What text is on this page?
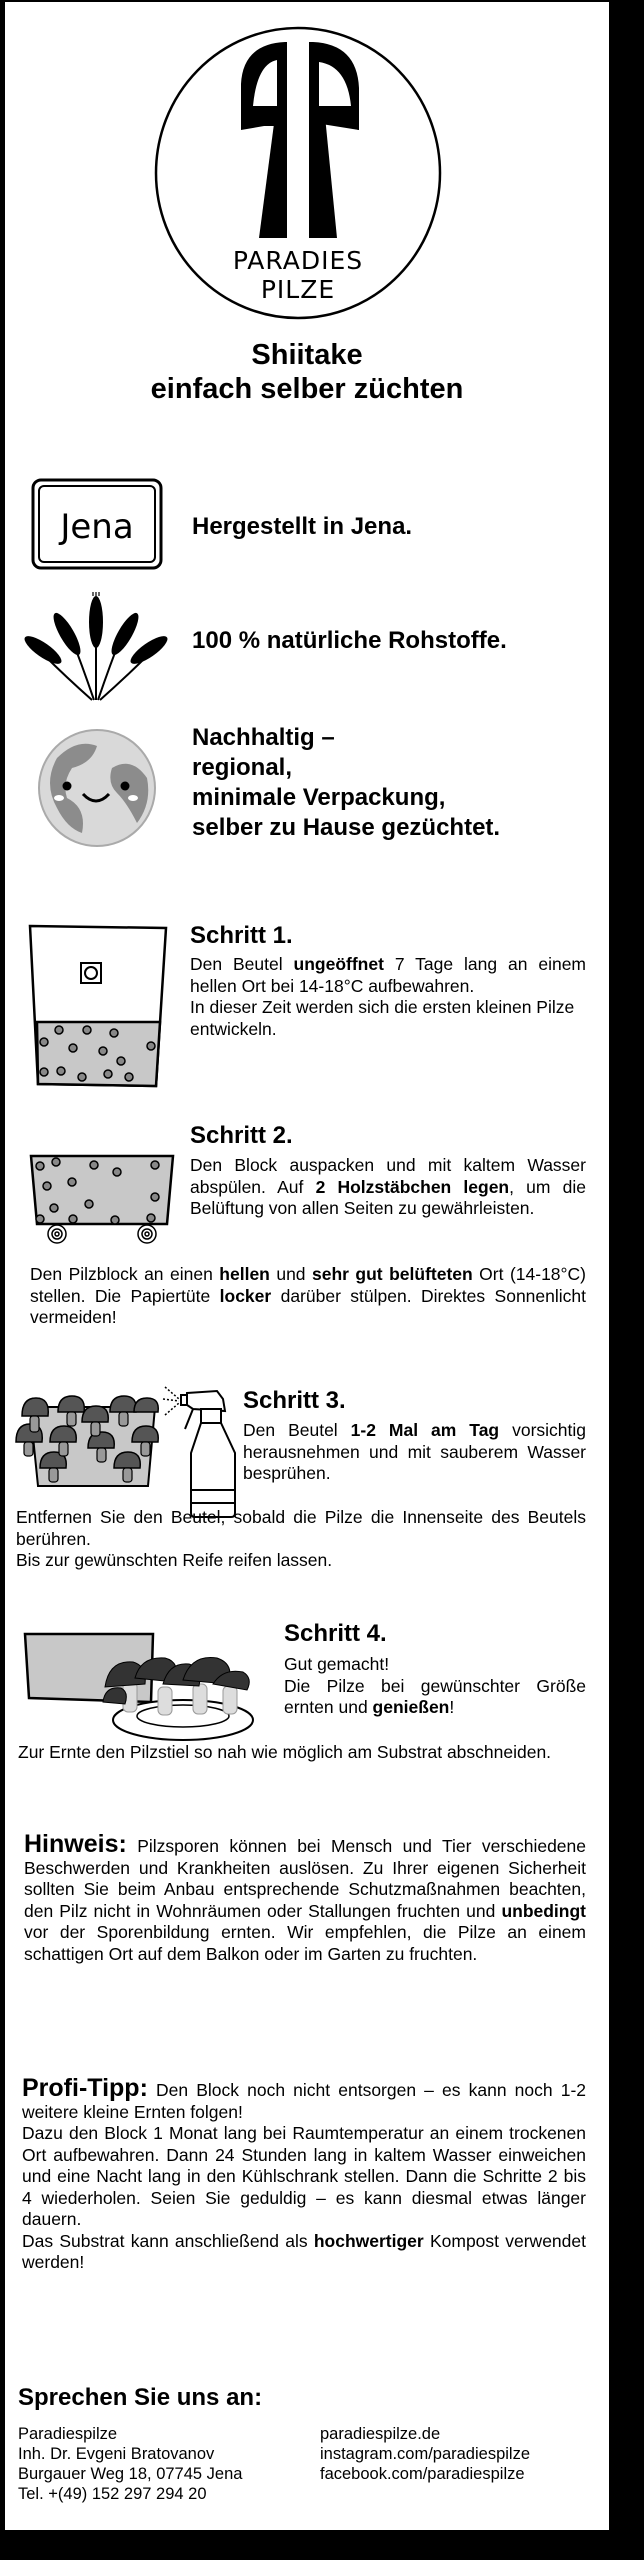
PARADIES
PILZE
Shiitake
einfach selber züchten
Jena Hergestellt in Jena.
100 % natürliche Rohstoffe.
Nachhaltig –
regional,
minimale Verpackung,
selber zu Hause gezüchtet.
Schritt 1.
Den Beutel ungeöffnet 7 Tage lang an einem hellen Ort bei 14-18°C aufbewahren.
In dieser Zeit werden sich die ersten kleinen Pilze entwickeln.
Schritt 2.
Den Block auspacken und mit kaltem Wasser abspülen. Auf 2 Holzstäbchen legen, um die Belüftung von allen Seiten zu gewährleisten.
Den Pilzblock an einen hellen und sehr gut belüfteten Ort (14-18°C) stellen. Die Papiertüte locker darüber stülpen. Direktes Sonnenlicht vermeiden!
Schritt 3.
Den Beutel 1-2 Mal am Tag vorsichtig herausnehmen und mit sauberem Wasser besprühen.
Entfernen Sie den Beutel, sobald die Pilze die Innenseite des Beutels berühren.
Bis zur gewünschten Reife reifen lassen.
Schritt 4.
Gut gemacht!
Die Pilze bei gewünschter Größe ernten und genießen!
Zur Ernte den Pilzstiel so nah wie möglich am Substrat abschneiden.
Hinweis: Pilzsporen können bei Mensch und Tier verschiedene Beschwerden und Krankheiten auslösen. Zu Ihrer eigenen Sicherheit sollten Sie beim Anbau entsprechende Schutzmaßnahmen beachten, den Pilz nicht in Wohnräumen oder Stallungen fruchten und unbedingt vor der Sporenbildung ernten. Wir empfehlen, die Pilze an einem schattigen Ort auf dem Balkon oder im Garten zu fruchten.
Profi-Tipp: Den Block noch nicht entsorgen – es kann noch 1-2 weitere kleine Ernten folgen!
Dazu den Block 1 Monat lang bei Raumtemperatur an einem trockenen Ort aufbewahren. Dann 24 Stunden lang in kaltem Wasser einweichen und eine Nacht lang in den Kühlschrank stellen. Dann die Schritte 2 bis 4 wiederholen. Seien Sie geduldig – es kann diesmal etwas länger dauern.
Das Substrat kann anschließend als hochwertiger Kompost verwendet werden!
Sprechen Sie uns an:
Paradiespilze
Inh. Dr. Evgeni Bratovanov
Burgauer Weg 18, 07745 Jena
Tel. +(49) 152 297 294 20
paradiespilze.de
instagram.com/paradiespilze
facebook.com/paradiespilze
